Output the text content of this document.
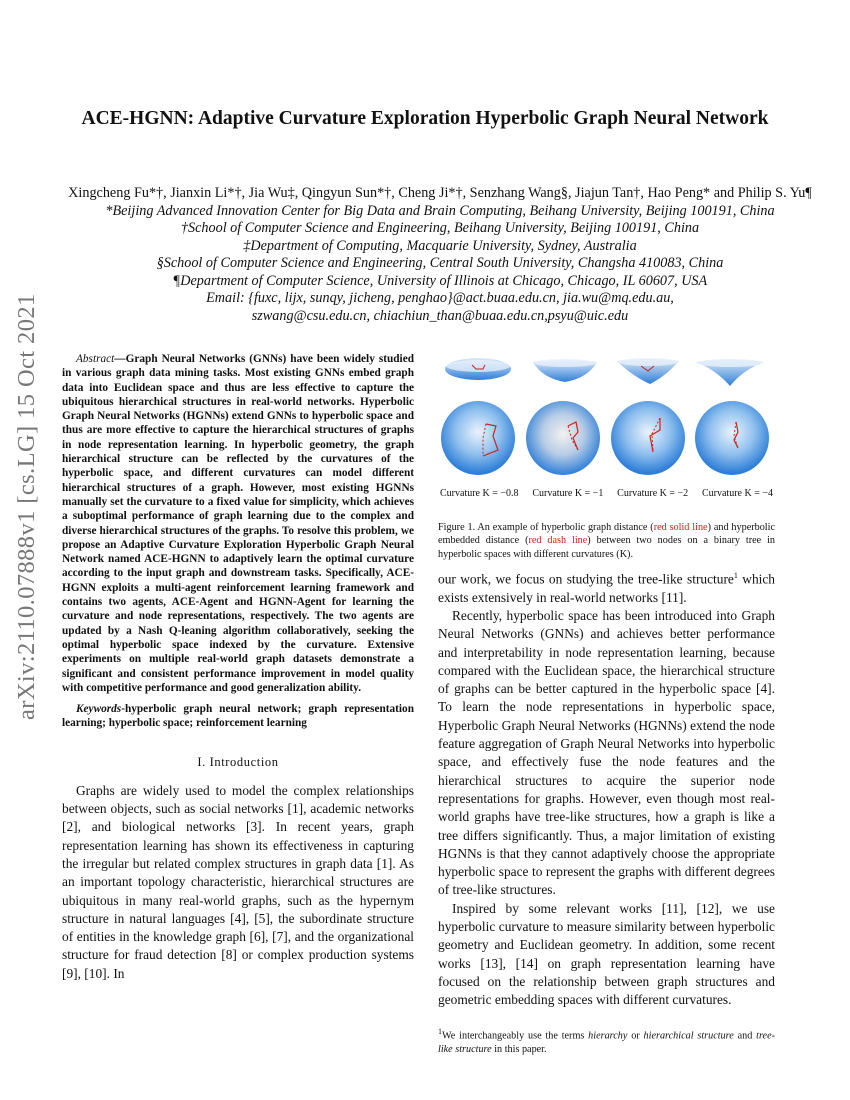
arXiv:2110.07888v1 [cs.LG] 15 Oct 2021
ACE-HGNN: Adaptive Curvature Exploration Hyperbolic Graph Neural Network
Xingcheng Fu*†, Jianxin Li*†, Jia Wu‡, Qingyun Sun*†, Cheng Ji*†, Senzhang Wang§, Jiajun Tan†, Hao Peng* and Philip S. Yu¶
*Beijing Advanced Innovation Center for Big Data and Brain Computing, Beihang University, Beijing 100191, China
†School of Computer Science and Engineering, Beihang University, Beijing 100191, China
‡Department of Computing, Macquarie University, Sydney, Australia
§School of Computer Science and Engineering, Central South University, Changsha 410083, China
¶Department of Computer Science, University of Illinois at Chicago, Chicago, IL 60607, USA
Email: {fuxc, lijx, sunqy, jicheng, penghao}@act.buaa.edu.cn, jia.wu@mq.edu.au,
szwang@csu.edu.cn, chiachiun_than@buaa.edu.cn,psyu@uic.edu
Abstract—Graph Neural Networks (GNNs) have been widely studied in various graph data mining tasks. Most existing GNNs embed graph data into Euclidean space and thus are less effective to capture the ubiquitous hierarchical structures in real-world networks. Hyperbolic Graph Neural Networks (HGNNs) extend GNNs to hyperbolic space and thus are more effective to capture the hierarchical structures of graphs in node representation learning. In hyperbolic geometry, the graph hierarchical structure can be reflected by the curvatures of the hyperbolic space, and different curvatures can model different hierarchical structures of a graph. However, most existing HGNNs manually set the curvature to a fixed value for simplicity, which achieves a suboptimal performance of graph learning due to the complex and diverse hierarchical structures of the graphs. To resolve this problem, we propose an Adaptive Curvature Exploration Hyperbolic Graph Neural Network named ACE-HGNN to adaptively learn the optimal curvature according to the input graph and downstream tasks. Specifically, ACE-HGNN exploits a multi-agent reinforcement learning framework and contains two agents, ACE-Agent and HGNN-Agent for learning the curvature and node representations, respectively. The two agents are updated by a Nash Q-leaning algorithm collaboratively, seeking the optimal hyperbolic space indexed by the curvature. Extensive experiments on multiple real-world graph datasets demonstrate a significant and consistent performance improvement in model quality with competitive performance and good generalization ability.
Keywords-hyperbolic graph neural network; graph representation learning; hyperbolic space; reinforcement learning
I. Introduction

Graphs are widely used to model the complex relationships between objects, such as social networks [1], academic networks [2], and biological networks [3]. In recent years, graph representation learning has shown its effectiveness in capturing the irregular but related complex structures in graph data [1]. As an important topology characteristic, hierarchical structures are ubiquitous in many real-world graphs, such as the hypernym structure in natural languages [4], [5], the subordinate structure of entities in the knowledge graph [6], [7], and the organizational structure for fraud detection [8] or complex production systems [9], [10]. In

Curvature K = −0.8 Curvature K = −1 Curvature K = −2 Curvature K = −4
Figure 1. An example of hyperbolic graph distance (red solid line) and hyperbolic embedded distance (red dash line) between two nodes on a binary tree in hyperbolic spaces with different curvatures (K).

our work, we focus on studying the tree-like structure$^1$ which exists extensively in real-world networks [11].

Recently, hyperbolic space has been introduced into Graph Neural Networks (GNNs) and achieves better performance and interpretability in node representation learning, because compared with the Euclidean space, the hierarchical structure of graphs can be better captured in the hyperbolic space [4]. To learn the node representations in hyperbolic space, Hyperbolic Graph Neural Networks (HGNNs) extend the node feature aggregation of Graph Neural Networks into hyperbolic space, and effectively fuse the node features and the hierarchical structures to acquire the superior node representations for graphs. However, even though most real-world graphs have tree-like structures, how a graph is like a tree differs significantly. Thus, a major limitation of existing HGNNs is that they cannot adaptively choose the appropriate hyperbolic space to represent the graphs with different degrees of tree-like structures.

Inspired by some relevant works [11], [12], we use hyperbolic curvature to measure similarity between hyperbolic geometry and Euclidean geometry. In addition, some recent works [13], [14] on graph representation learning have focused on the relationship between graph structures and geometric embedding spaces with different curvatures.

$^1$We interchangeably use the terms hierarchy or hierarchical structure and tree-like structure in this paper.
